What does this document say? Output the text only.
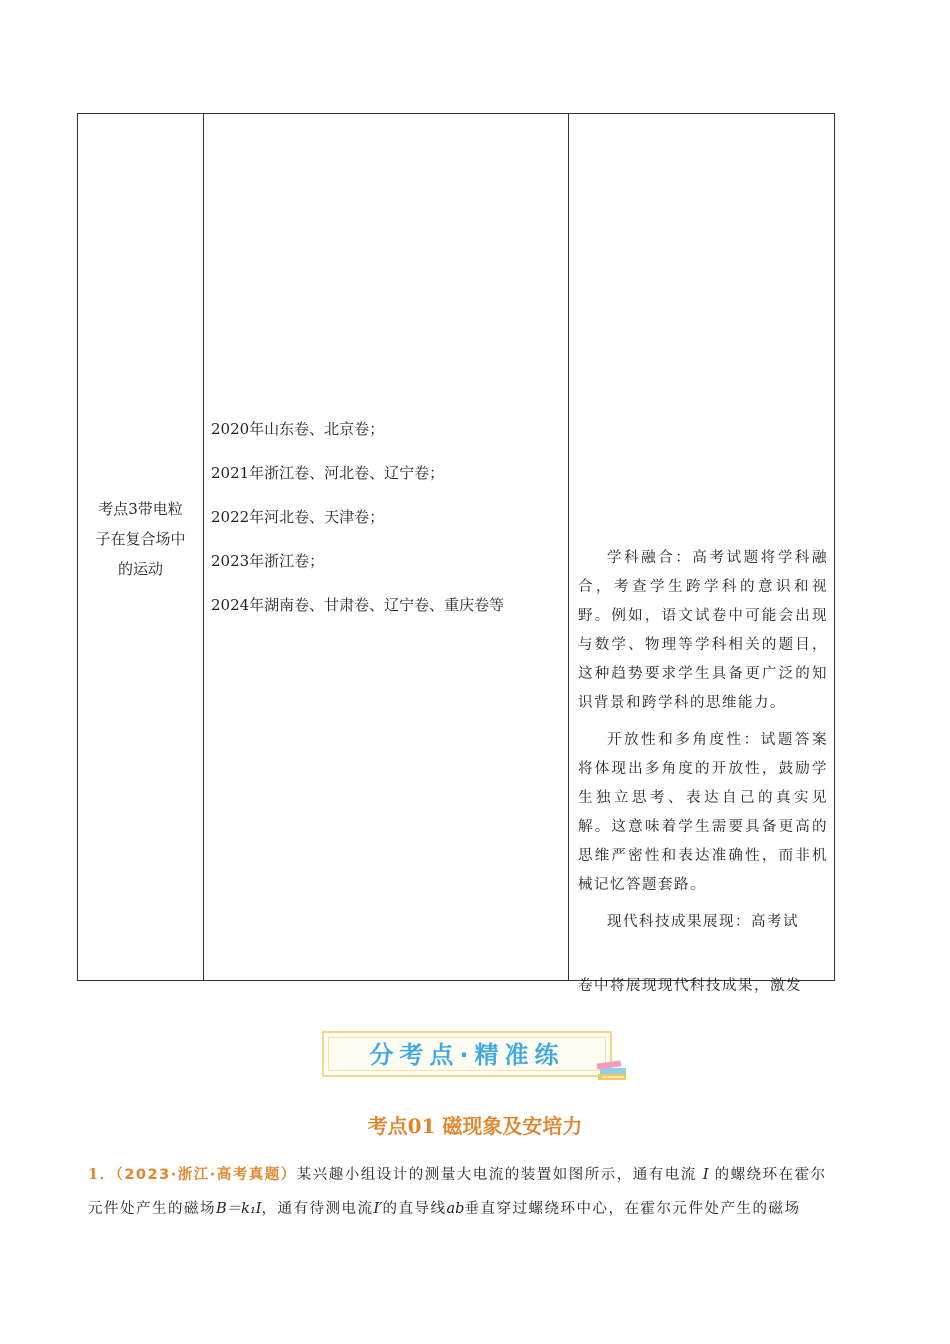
考点3带电粒
子在复合场中
的运动
2020年山东卷、北京卷；
2021年浙江卷、河北卷、辽宁卷；
2022年河北卷、天津卷；
2023年浙江卷；
2024年湖南卷、甘肃卷、辽宁卷、重庆卷等

学科融合：高考试题将学科融合，考查学生跨学科的意识和视野。例如，语文试卷中可能会出现与数学、物理等学科相关的题目，这种趋势要求学生具备更广泛的知识背景和跨学科的思维能力。

开放性和多角度性：试题答案将体现出多角度的开放性，鼓励学生独立思考、表达自己的真实见解。这意味着学生需要具备更高的思维严密性和表达准确性，而非机械记忆答题套路。

现代科技成果展现：高考试

卷中将展现现代科技成果，激发
分考点·精准练
考点01 磁现象及安培力
1．（2023·浙江·高考真题）某兴趣小组设计的测量大电流的装置如图所示，通有电流 I 的螺绕环在霍尔
元件处产生的磁场B＝k₁I，通有待测电流I′的直导线ab垂直穿过螺绕环中心，在霍尔元件处产生的磁场
